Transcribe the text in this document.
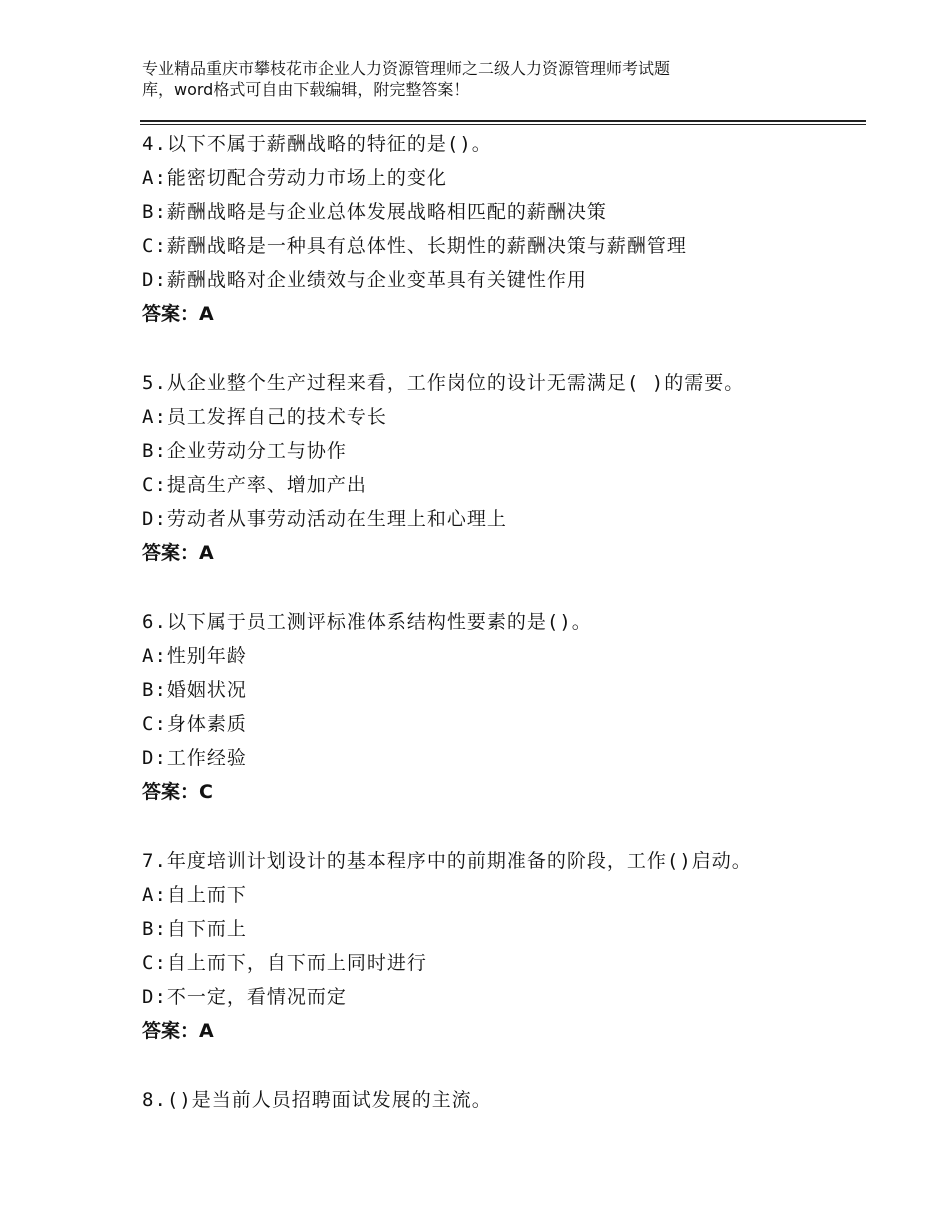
专业精品重庆市攀枝花市企业人力资源管理师之二级人力资源管理师考试题
库，word格式可自由下载编辑，附完整答案！
4.以下不属于薪酬战略的特征的是()。
A:能密切配合劳动力市场上的变化
B:薪酬战略是与企业总体发展战略相匹配的薪酬决策
C:薪酬战略是一种具有总体性、长期性的薪酬决策与薪酬管理
D:薪酬战略对企业绩效与企业变革具有关键性作用
答案：A
5.从企业整个生产过程来看，工作岗位的设计无需满足( )的需要。
A:员工发挥自己的技术专长
B:企业劳动分工与协作
C:提高生产率、增加产出
D:劳动者从事劳动活动在生理上和心理上
答案：A
6.以下属于员工测评标准体系结构性要素的是()。
A:性别年龄
B:婚姻状况
C:身体素质
D:工作经验
答案：C
7.年度培训计划设计的基本程序中的前期准备的阶段，工作()启动。
A:自上而下
B:自下而上
C:自上而下，自下而上同时进行
D:不一定，看情况而定
答案：A
8.()是当前人员招聘面试发展的主流。
